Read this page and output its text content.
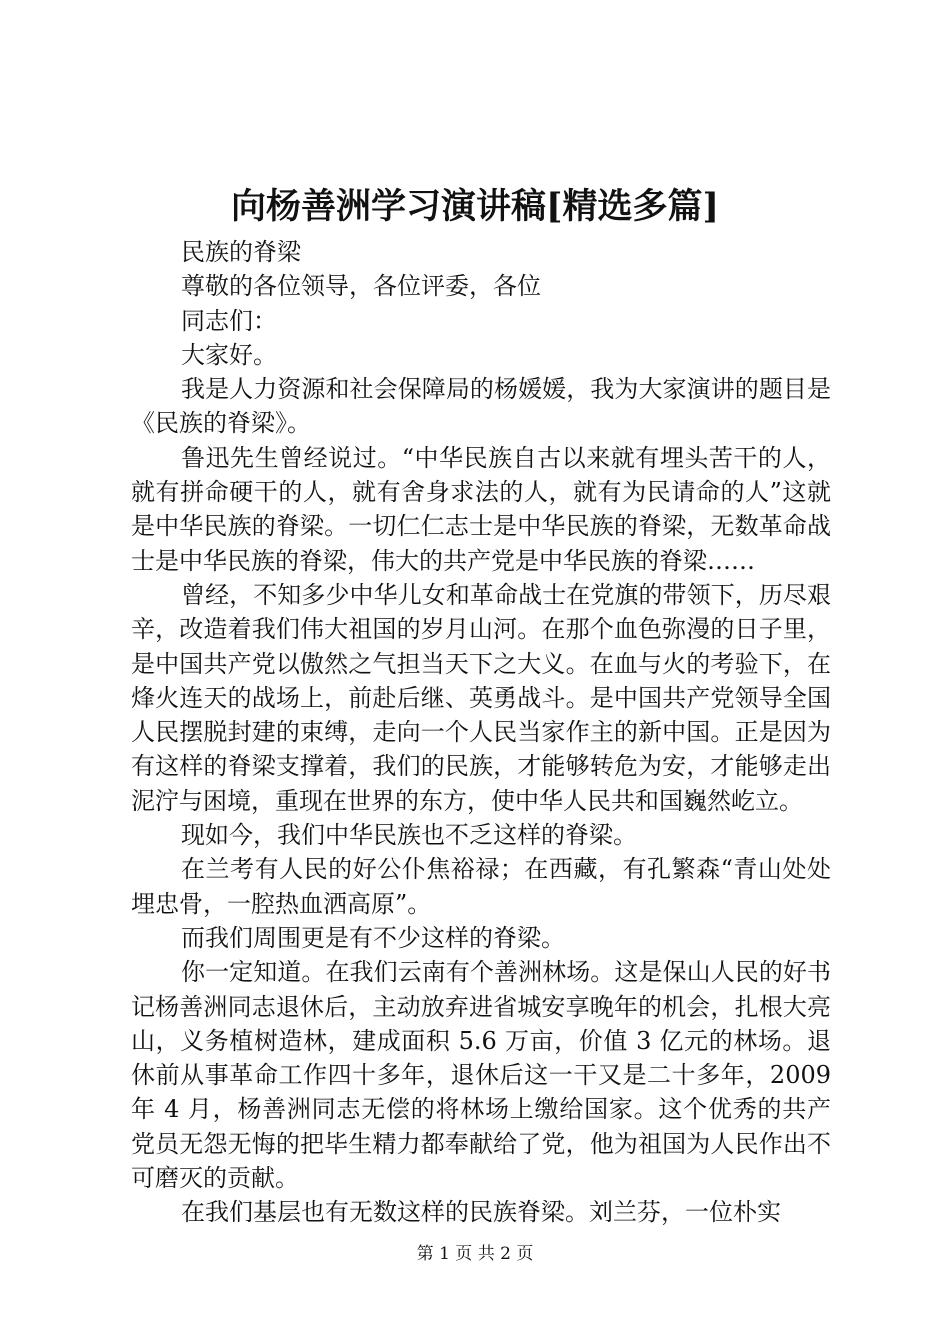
向杨善洲学习演讲稿[精选多篇]

民族的脊梁

尊敬的各位领导，各位评委，各位

同志们：

大家好。

我是人力资源和社会保障局的杨媛媛，我为大家演讲的题目是《民族的脊梁》。

鲁迅先生曾经说过。“中华民族自古以来就有埋头苦干的人，就有拼命硬干的人，就有舍身求法的人，就有为民请命的人”这就是中华民族的脊梁。一切仁仁志士是中华民族的脊梁，无数革命战士是中华民族的脊梁，伟大的共产党是中华民族的脊梁……

曾经，不知多少中华儿女和革命战士在党旗的带领下，历尽艰辛，改造着我们伟大祖国的岁月山河。在那个血色弥漫的日子里，是中国共产党以傲然之气担当天下之大义。在血与火的考验下，在烽火连天的战场上，前赴后继、英勇战斗。是中国共产党领导全国人民摆脱封建的束缚，走向一个人民当家作主的新中国。正是因为有这样的脊梁支撑着，我们的民族，才能够转危为安，才能够走出泥泞与困境，重现在世界的东方，使中华人民共和国巍然屹立。

现如今，我们中华民族也不乏这样的脊梁。

在兰考有人民的好公仆焦裕禄；在西藏，有孔繁森“青山处处埋忠骨，一腔热血洒高原”。

而我们周围更是有不少这样的脊梁。

你一定知道。在我们云南有个善洲林场。这是保山人民的好书记杨善洲同志退休后，主动放弃进省城安享晚年的机会，扎根大亮山，义务植树造林，建成面积 5.6 万亩，价值 3 亿元的林场。退休前从事革命工作四十多年，退休后这一干又是二十多年，2009 年 4 月，杨善洲同志无偿的将林场上缴给国家。这个优秀的共产党员无怨无悔的把毕生精力都奉献给了党，他为祖国为人民作出不可磨灭的贡献。

在我们基层也有无数这样的民族脊梁。刘兰芬，一位朴实

第 1 页 共 2 页
